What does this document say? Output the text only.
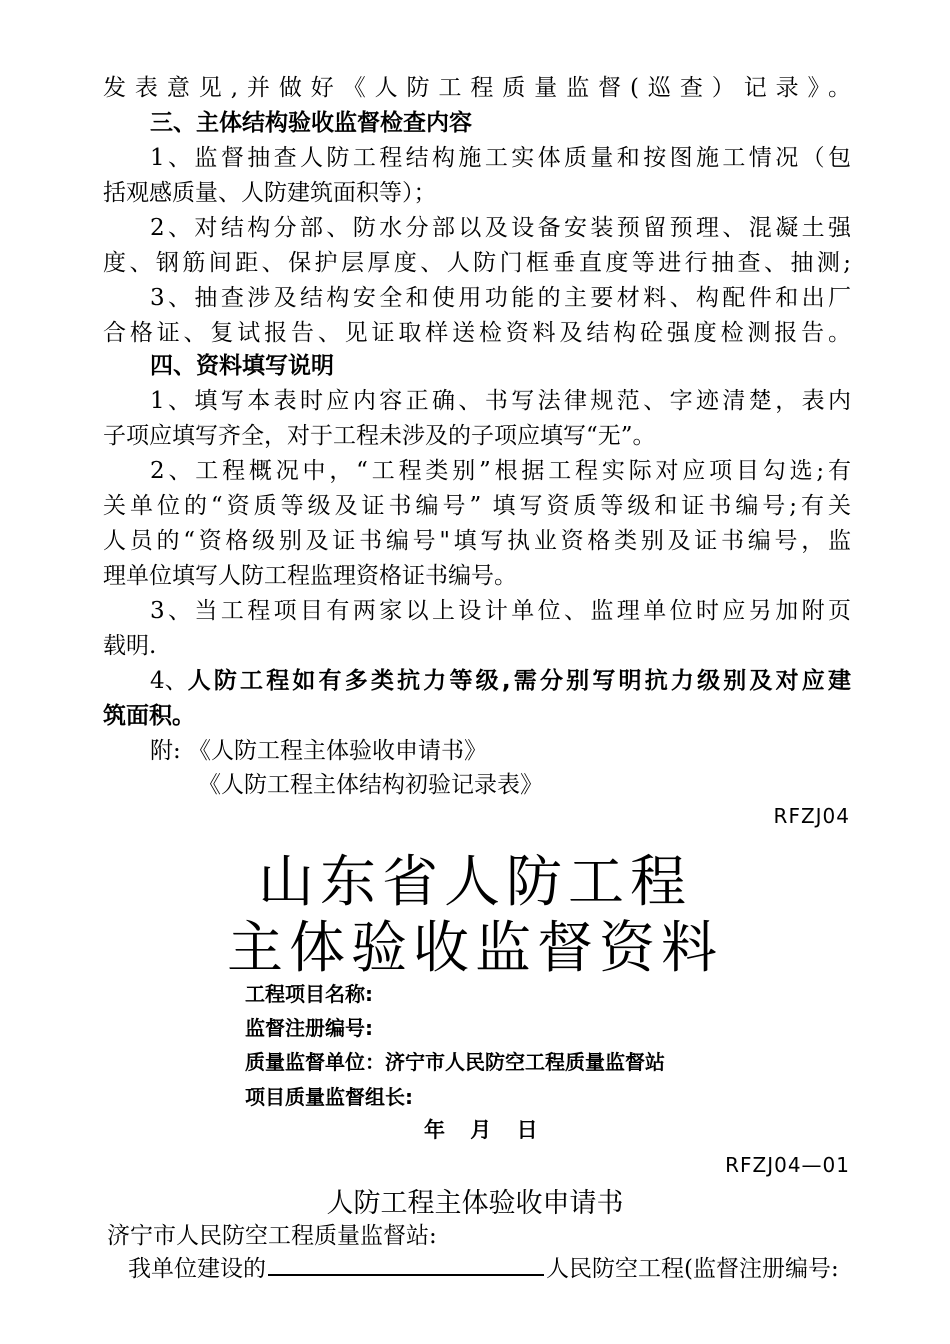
发表意见,并做好《人防工程质量监督(巡查）记录》。
三、主体结构验收监督检查内容
1、监督抽查人防工程结构施工实体质量和按图施工情况（包
括观感质量、人防建筑面积等）；
2、对结构分部、防水分部以及设备安装预留预理、混凝土强
度、钢筋间距、保护层厚度、人防门框垂直度等进行抽查、抽测;
3、抽查涉及结构安全和使用功能的主要材料、构配件和出厂
合格证、复试报告、见证取样送检资料及结构砼强度检测报告。
四、资料填写说明
1、填写本表时应内容正确、书写法律规范、字迹清楚，表内
子项应填写齐全，对于工程未涉及的子项应填写“无”。
2、工程概况中，“工程类别”根据工程实际对应项目勾选;有
关单位的“资质等级及证书编号” 填写资质等级和证书编号;有关
人员的“资格级别及证书编号"填写执业资格类别及证书编号，监
理单位填写人防工程监理资格证书编号。
3、当工程项目有两家以上设计单位、监理单位时应另加附页
载明.
4、 人防工程如有多类抗力等级,需分别写明抗力级别及对应建
筑面积。
附: 《人防工程主体验收申请书》
《人防工程主体结构初验记录表》
RFZJ04
山东省人防工程
主体验收监督资料
工程项目名称:
监督注册编号:
质量监督单位：济宁市人民防空工程质量监督站
项目质量监督组长:
年 月 日
RFZJ04—01
人防工程主体验收申请书
济宁市人民防空工程质量监督站:
我单位建设的	人民防空工程(监督注册编号:
